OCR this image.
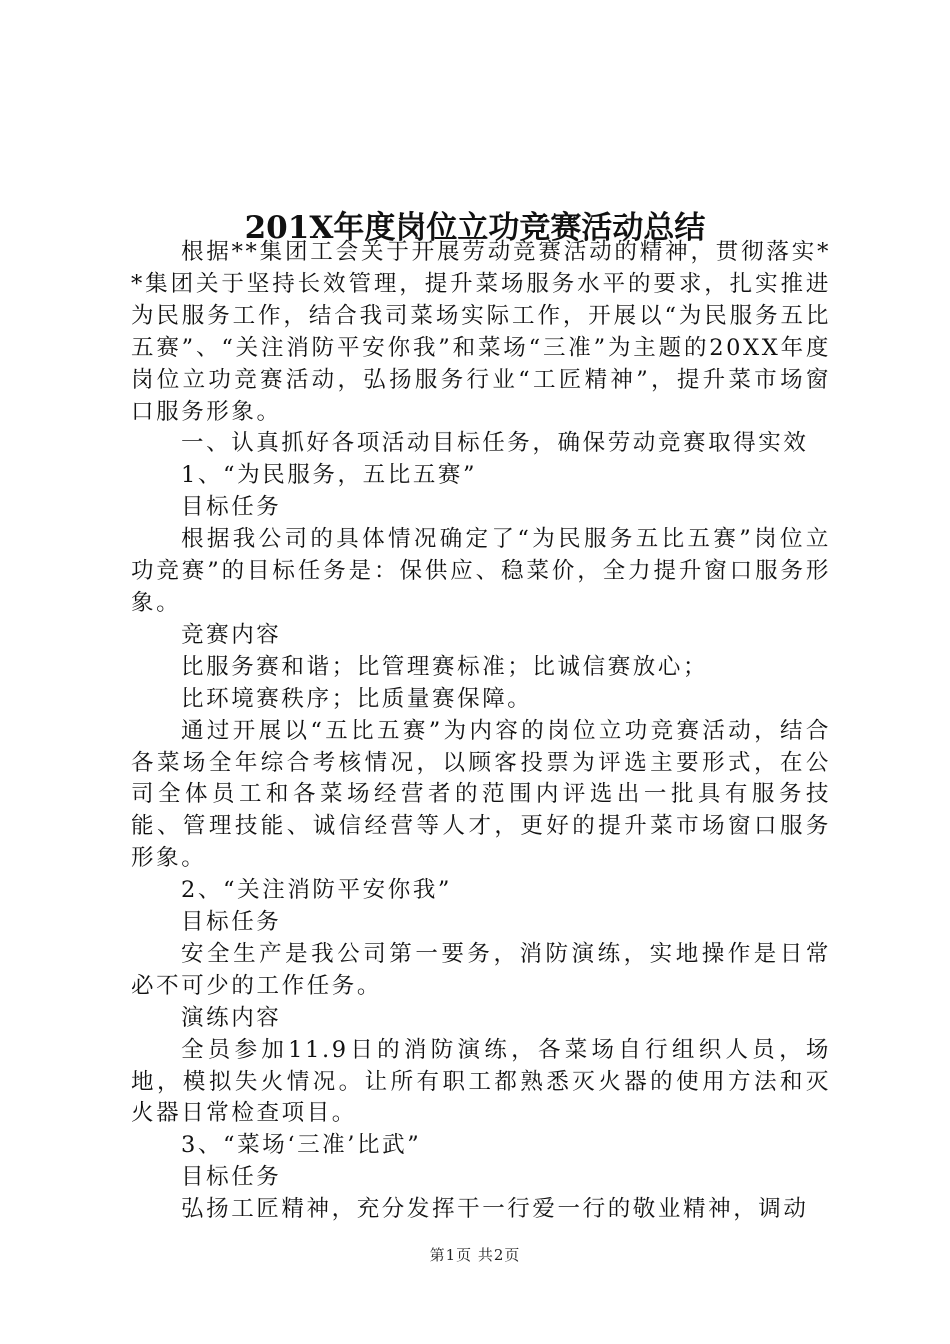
201X年度岗位立功竞赛活动总结

根据**集团工会关于开展劳动竞赛活动的精神，贯彻落实**集团关于坚持长效管理，提升菜场服务水平的要求，扎实推进为民服务工作，结合我司菜场实际工作，开展以“为民服务五比五赛”、“关注消防平安你我”和菜场“三准”为主题的20XX年度岗位立功竞赛活动，弘扬服务行业“工匠精神”，提升菜市场窗口服务形象。

一、认真抓好各项活动目标任务，确保劳动竞赛取得实效

1、“为民服务，五比五赛”

目标任务

根据我公司的具体情况确定了“为民服务五比五赛”岗位立功竞赛”的目标任务是：保供应、稳菜价，全力提升窗口服务形象。

竞赛内容

比服务赛和谐；比管理赛标准；比诚信赛放心；

比环境赛秩序；比质量赛保障。

通过开展以“五比五赛”为内容的岗位立功竞赛活动，结合各菜场全年综合考核情况，以顾客投票为评选主要形式，在公司全体员工和各菜场经营者的范围内评选出一批具有服务技能、管理技能、诚信经营等人才，更好的提升菜市场窗口服务形象。

2、“关注消防平安你我”

目标任务

安全生产是我公司第一要务，消防演练，实地操作是日常必不可少的工作任务。

演练内容

全员参加11.9日的消防演练，各菜场自行组织人员，场地，模拟失火情况。让所有职工都熟悉灭火器的使用方法和灭火器日常检查项目。

3、“菜场‘三准’比武”

目标任务

弘扬工匠精神，充分发挥干一行爱一行的敬业精神，调动

第1页 共2页
